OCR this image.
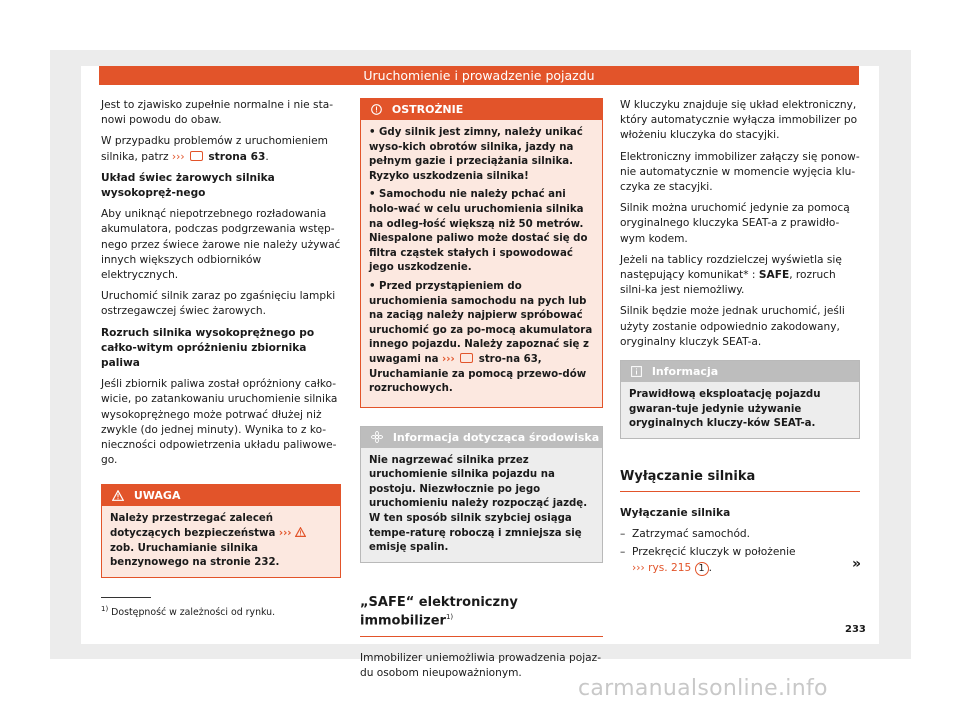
Uruchomienie i prowadzenie pojazdu

Jest to zjawisko zupełnie normalne i nie sta-nowi powodu do obaw.

W przypadku problemów z uruchomieniem silnika, patrz ››› strona 63.

Układ świec żarowych silnika wysokopręż-nego

Aby uniknąć niepotrzebnego rozładowania akumulatora, podczas podgrzewania wstęp-nego przez świece żarowe nie należy używać innych większych odbiorników elektrycznych.

Uruchomić silnik zaraz po zgaśnięciu lampki ostrzegawczej świec żarowych.

Rozruch silnika wysokoprężnego po całko-witym opróżnieniu zbiornika paliwa

Jeśli zbiornik paliwa został opróżniony całko-wicie, po zatankowaniu uruchomienie silnika wysokoprężnego może potrwać dłużej niż zwykle (do jednej minuty). Wynika to z ko-nieczności odpowietrzenia układu paliwowe-go.

UWAGA
Należy przestrzegać zaleceń dotyczących bezpieczeństwa ›››  zob. Uruchamianie silnika benzynowego na stronie 232.
OSTROŻNIE

• Gdy silnik jest zimny, należy unikać wyso-kich obrotów silnika, jazdy na pełnym gazie i przeciążania silnika. Ryzyko uszkodzenia silnika!

• Samochodu nie należy pchać ani holo-wać w celu uruchomienia silnika na odleg-łość większą niż 50 metrów. Niespalone paliwo może dostać się do filtra cząstek stałych i spowodować jego uszkodzenie.

• Przed przystąpieniem do uruchomienia samochodu na pych lub na zaciąg należy najpierw spróbować uruchomić go za po-mocą akumulatora innego pojazdu. Należy zapoznać się z uwagami na ››› stro-na 63, Uruchamianie za pomocą przewo-dów rozruchowych.

Informacja dotycząca środowiska
Nie nagrzewać silnika przez uruchomienie silnika pojazdu na postoju. Niezwłocznie po jego uruchomieniu należy rozpocząć jazdę. W ten sposób silnik szybciej osiąga tempe-raturę roboczą i zmniejsza się emisję spalin.
„SAFE“ elektroniczny immobilizer$^{1)}$

Immobilizer uniemożliwia prowadzenia pojaz-du osobom nieupoważnionym.

W kluczyku znajduje się układ elektroniczny, który automatycznie wyłącza immobilizer po włożeniu kluczyka do stacyjki.

Elektroniczny immobilizer załączy się ponow-nie automatycznie w momencie wyjęcia klu-czyka ze stacyjki.

Silnik można uruchomić jedynie za pomocą oryginalnego kluczyka SEAT-a z prawidło-wym kodem.

Jeżeli na tablicy rozdzielczej wyświetla się następujący komunikat* : SAFE, rozruch silni-ka jest niemożliwy.

Silnik będzie może jednak uruchomić, jeśli użyty zostanie odpowiednio zakodowany, oryginalny kluczyk SEAT-a.

Informacja
Prawidłową eksploatację pojazdu gwaran-tuje jedynie używanie oryginalnych kluczy-ków SEAT-a.
Wyłączanie silnika

Wyłączanie silnika

– Zatrzymać samochód.
– Przekręcić kluczyk w położenie
››› rys. 215 1 .	»
$^{1)}$ Dostępność w zależności od rynku.
233
carmanualsonline.info
